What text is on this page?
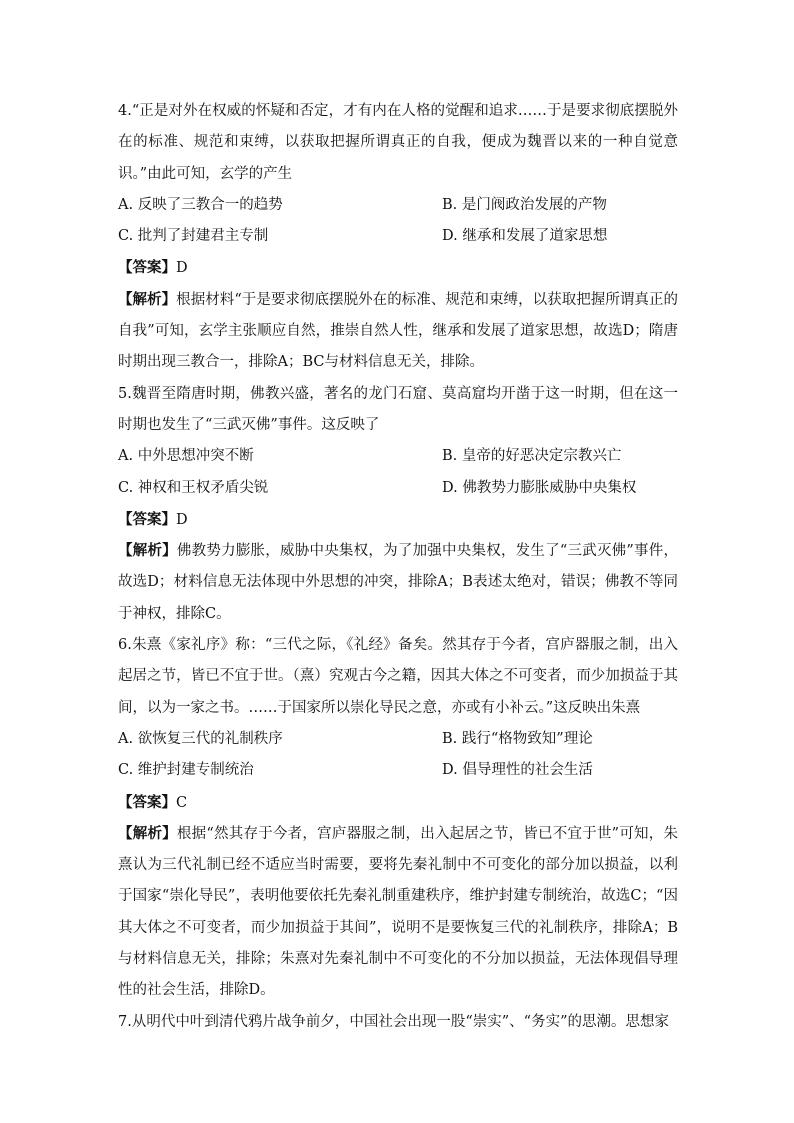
4.“正是对外在权威的怀疑和否定，才有内在人格的觉醒和追求……于是要求彻底摆脱外在的标准、规范和束缚，以获取把握所谓真正的自我，便成为魏晋以来的一种自觉意识。”由此可知，玄学的产生
A. 反映了三教合一的趋势	B. 是门阀政治发展的产物
C. 批判了封建君主专制	D. 继承和发展了道家思想
【答案】D
【解析】根据材料“于是要求彻底摆脱外在的标准、规范和束缚，以获取把握所谓真正的自我”可知，玄学主张顺应自然，推崇自然人性，继承和发展了道家思想，故选D；隋唐时期出现三教合一，排除A；BC与材料信息无关，排除。
5.魏晋至隋唐时期，佛教兴盛，著名的龙门石窟、莫高窟均开凿于这一时期，但在这一时期也发生了“三武灭佛”事件。这反映了
A. 中外思想冲突不断	B. 皇帝的好恶决定宗教兴亡
C. 神权和王权矛盾尖锐	D. 佛教势力膨胀威胁中央集权
【答案】D
【解析】佛教势力膨胀，威胁中央集权，为了加强中央集权，发生了“三武灭佛”事件，故选D；材料信息无法体现中外思想的冲突，排除A；B表述太绝对，错误；佛教不等同于神权，排除C。
6.朱熹《家礼序》称：“三代之际，《礼经》备矣。然其存于今者，宫庐器服之制，出入起居之节，皆已不宜于世。（熹）究观古今之籍，因其大体之不可变者，而少加损益于其间，以为一家之书。……于国家所以崇化导民之意，亦或有小补云。”这反映出朱熹
A. 欲恢复三代的礼制秩序	B. 践行“格物致知”理论
C. 维护封建专制统治	D. 倡导理性的社会生活
【答案】C
【解析】根据“然其存于今者，宫庐器服之制，出入起居之节，皆已不宜于世”可知，朱熹认为三代礼制已经不适应当时需要，要将先秦礼制中不可变化的部分加以损益，以利于国家“崇化导民”，表明他要依托先秦礼制重建秩序，维护封建专制统治，故选C；“因其大体之不可变者，而少加损益于其间”，说明不是要恢复三代的礼制秩序，排除A；B与材料信息无关，排除；朱熹对先秦礼制中不可变化的不分加以损益，无法体现倡导理性的社会生活，排除D。
7.从明代中叶到清代鸦片战争前夕，中国社会出现一股“崇实”、“务实”的思潮。思想家
